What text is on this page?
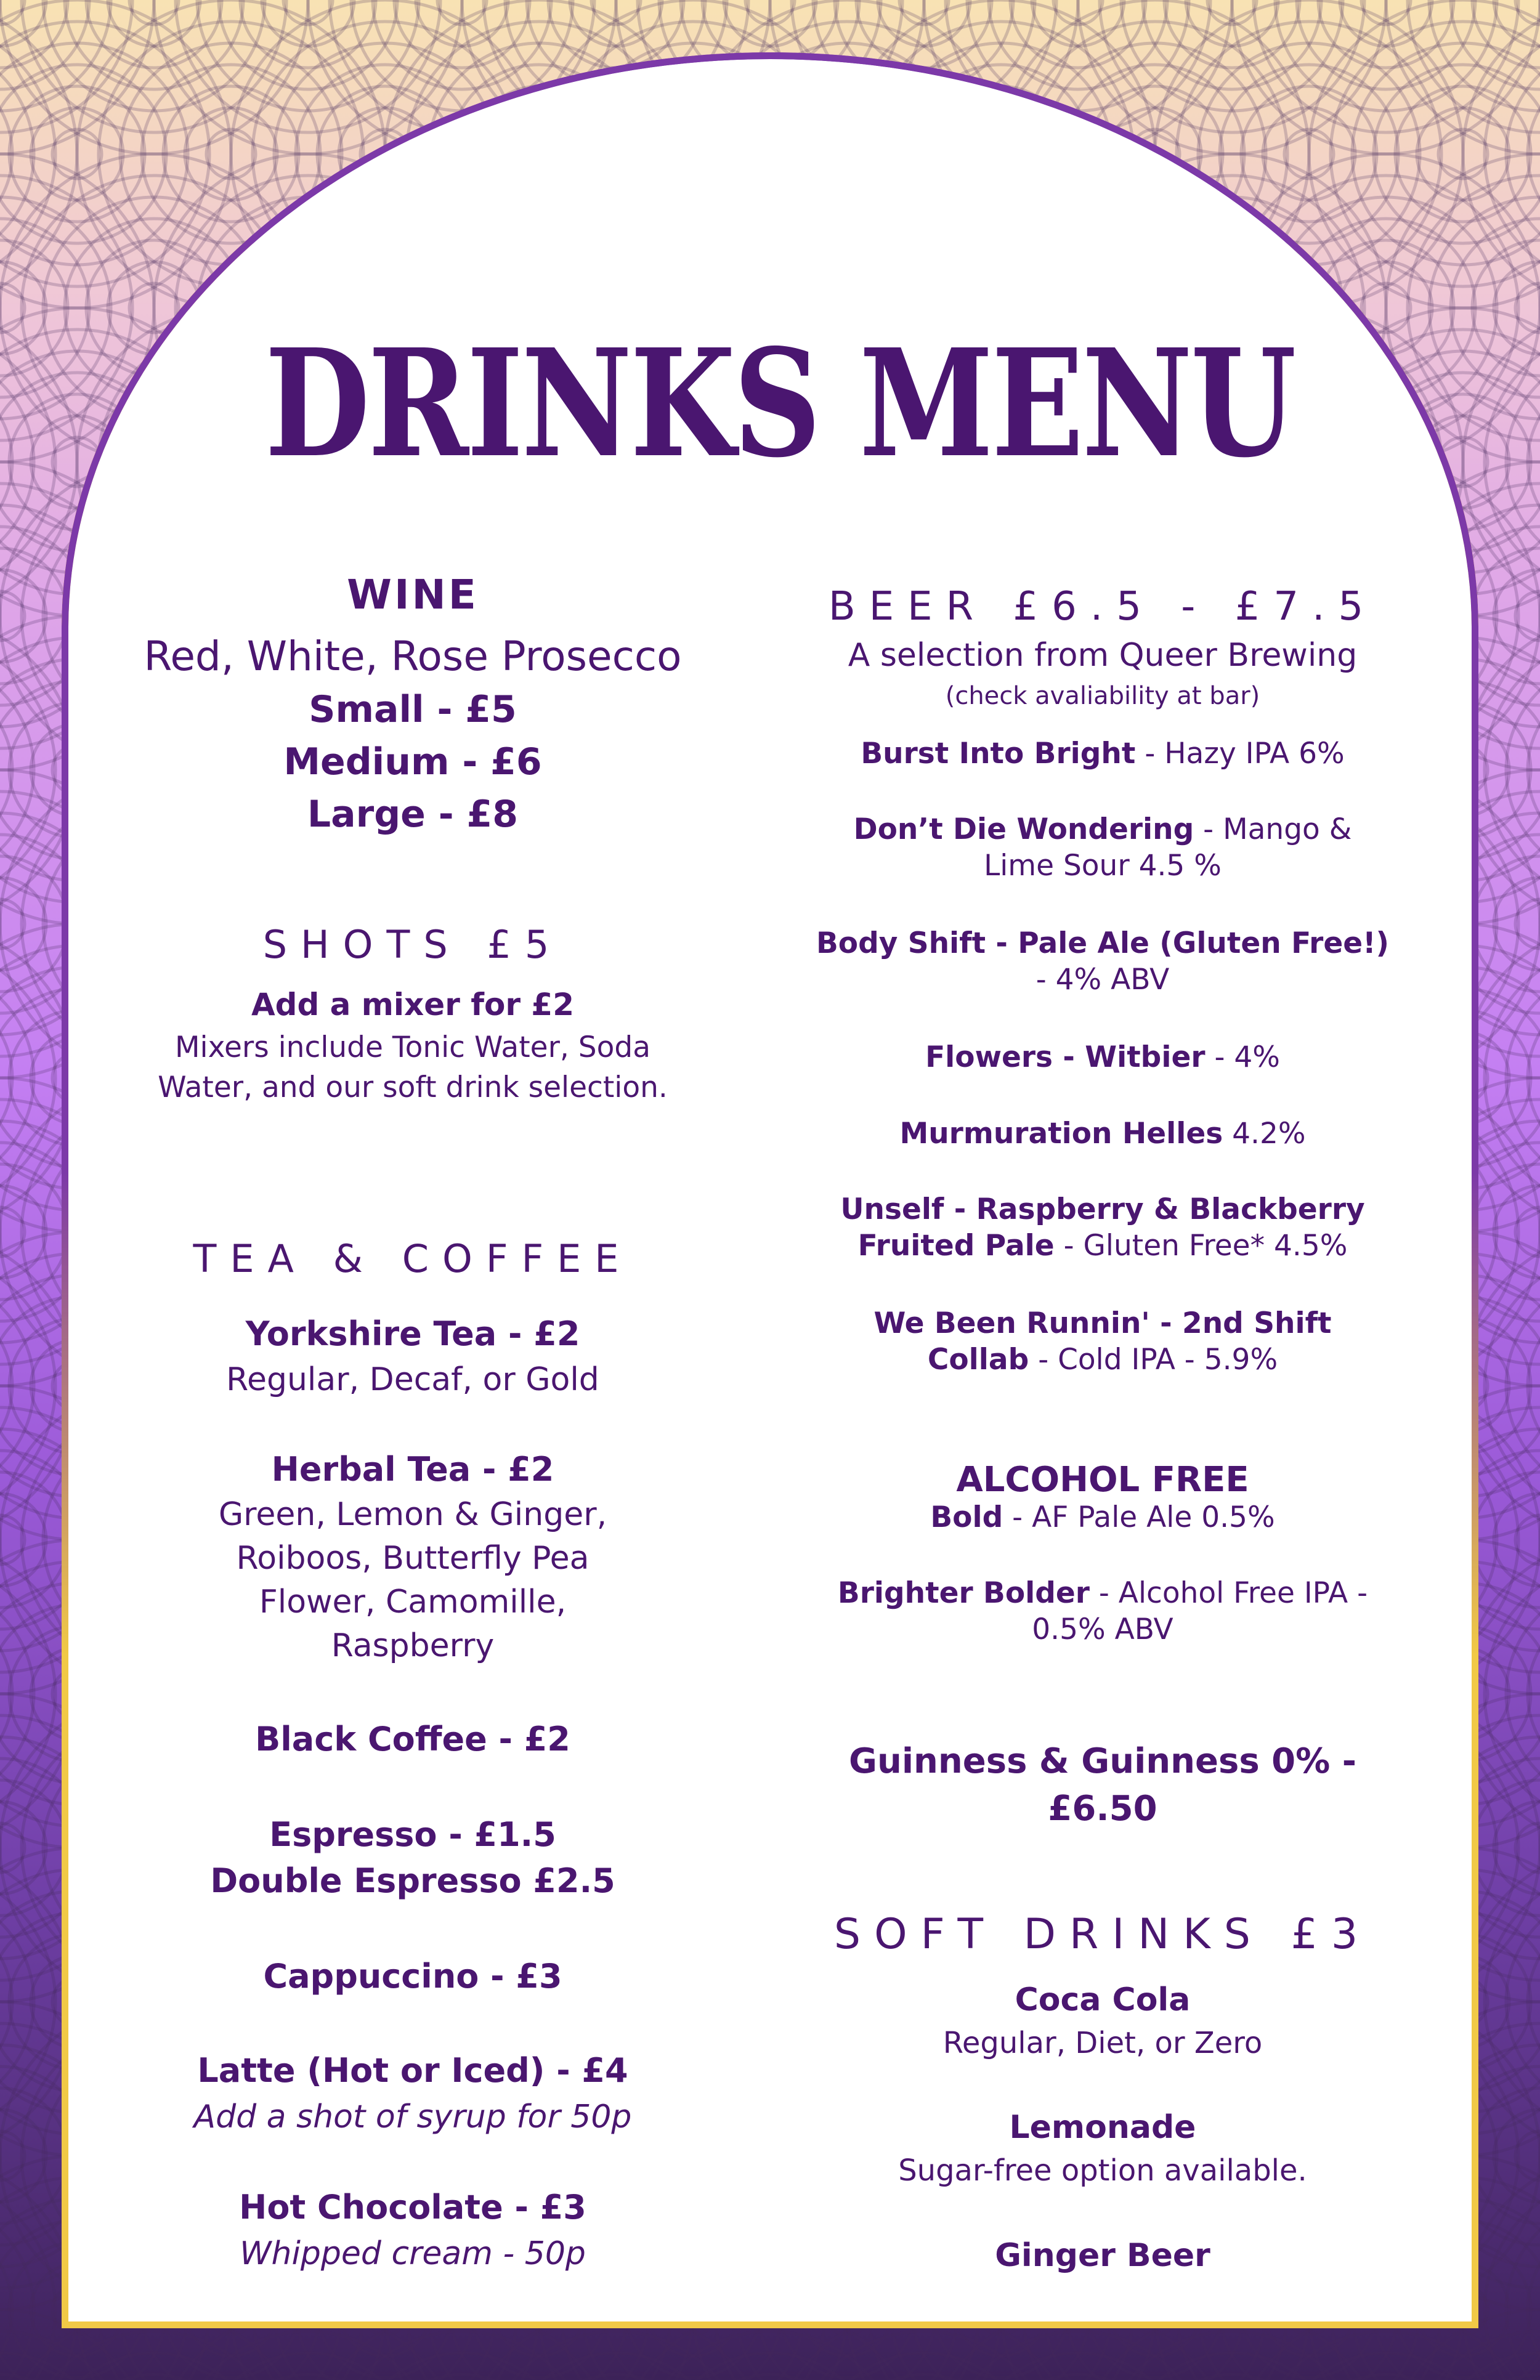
DRINKS MENU
WINE
Red, White, Rose Prosecco
Small - £5
Medium - £6
Large - £8
SHOTS £5
Add a mixer for £2
Mixers include Tonic Water, Soda
Water, and our soft drink selection.
TEA & COFFEE
Yorkshire Tea - £2
Regular, Decaf, or Gold
Herbal Tea - £2
Green, Lemon & Ginger,
Roiboos, Butterfly Pea
Flower, Camomille,
Raspberry
Black Coffee - £2
Espresso - £1.5
Double Espresso £2.5
Cappuccino - £3
Latte (Hot or Iced) - £4
Add a shot of syrup for 50p
Hot Chocolate - £3
Whipped cream - 50p
BEER £6.5 - £7.5
A selection from Queer Brewing
(check avaliability at bar)
Burst Into Bright - Hazy IPA 6%
Don’t Die Wondering - Mango &
Lime Sour 4.5 %
Body Shift - Pale Ale (Gluten Free!)
- 4% ABV
Flowers - Witbier - 4%
Murmuration Helles 4.2%
Unself - Raspberry & Blackberry
Fruited Pale - Gluten Free* 4.5%
We Been Runnin' - 2nd Shift
Collab - Cold IPA - 5.9%
ALCOHOL FREE
Bold - AF Pale Ale 0.5%
Brighter Bolder - Alcohol Free IPA -
0.5% ABV
Guinness & Guinness 0% -
£6.50
SOFT DRINKS £3
Coca Cola
Regular, Diet, or Zero
Lemonade
Sugar-free option available.
Ginger Beer
